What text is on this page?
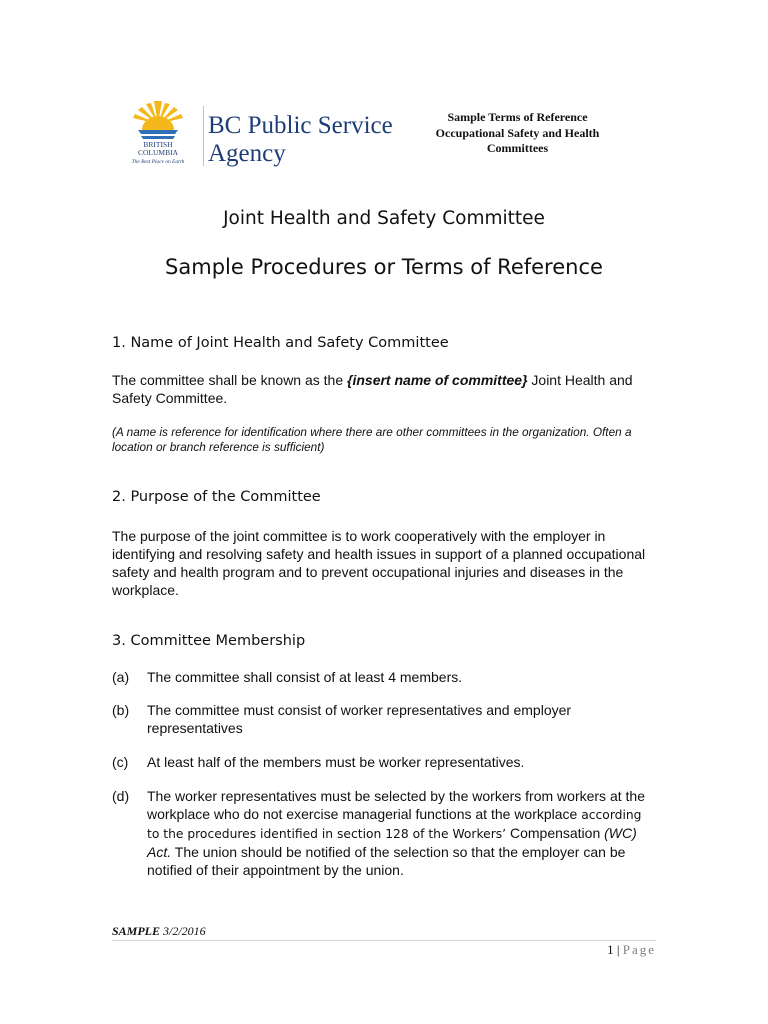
BRITISH
COLUMBIA
The Best Place on Earth
BC Public Service
Agency
Sample Terms of Reference
Occupational Safety and Health
Committees
Joint Health and Safety Committee
Sample Procedures or Terms of Reference
1. Name of Joint Health and Safety Committee
The committee shall be known as the {insert name of committee} Joint Health and Safety Committee.
(A name is reference for identification where there are other committees in the organization. Often a location or branch reference is sufficient)
2. Purpose of the Committee
The purpose of the joint committee is to work cooperatively with the employer in identifying and resolving safety and health issues in support of a planned occupational safety and health program and to prevent occupational injuries and diseases in the workplace.
3. Committee Membership
(a) The committee shall consist of at least 4 members.
(b) The committee must consist of worker representatives and employer representatives
(c) At least half of the members must be worker representatives.
(d) The worker representatives must be selected by the workers from workers at the workplace who do not exercise managerial functions at the workplace according to the procedures identified in section 128 of the Workers’ Compensation (WC) Act. The union should be notified of the selection so that the employer can be notified of their appointment by the union.
SAMPLE 3/2/2016
1 | Page
